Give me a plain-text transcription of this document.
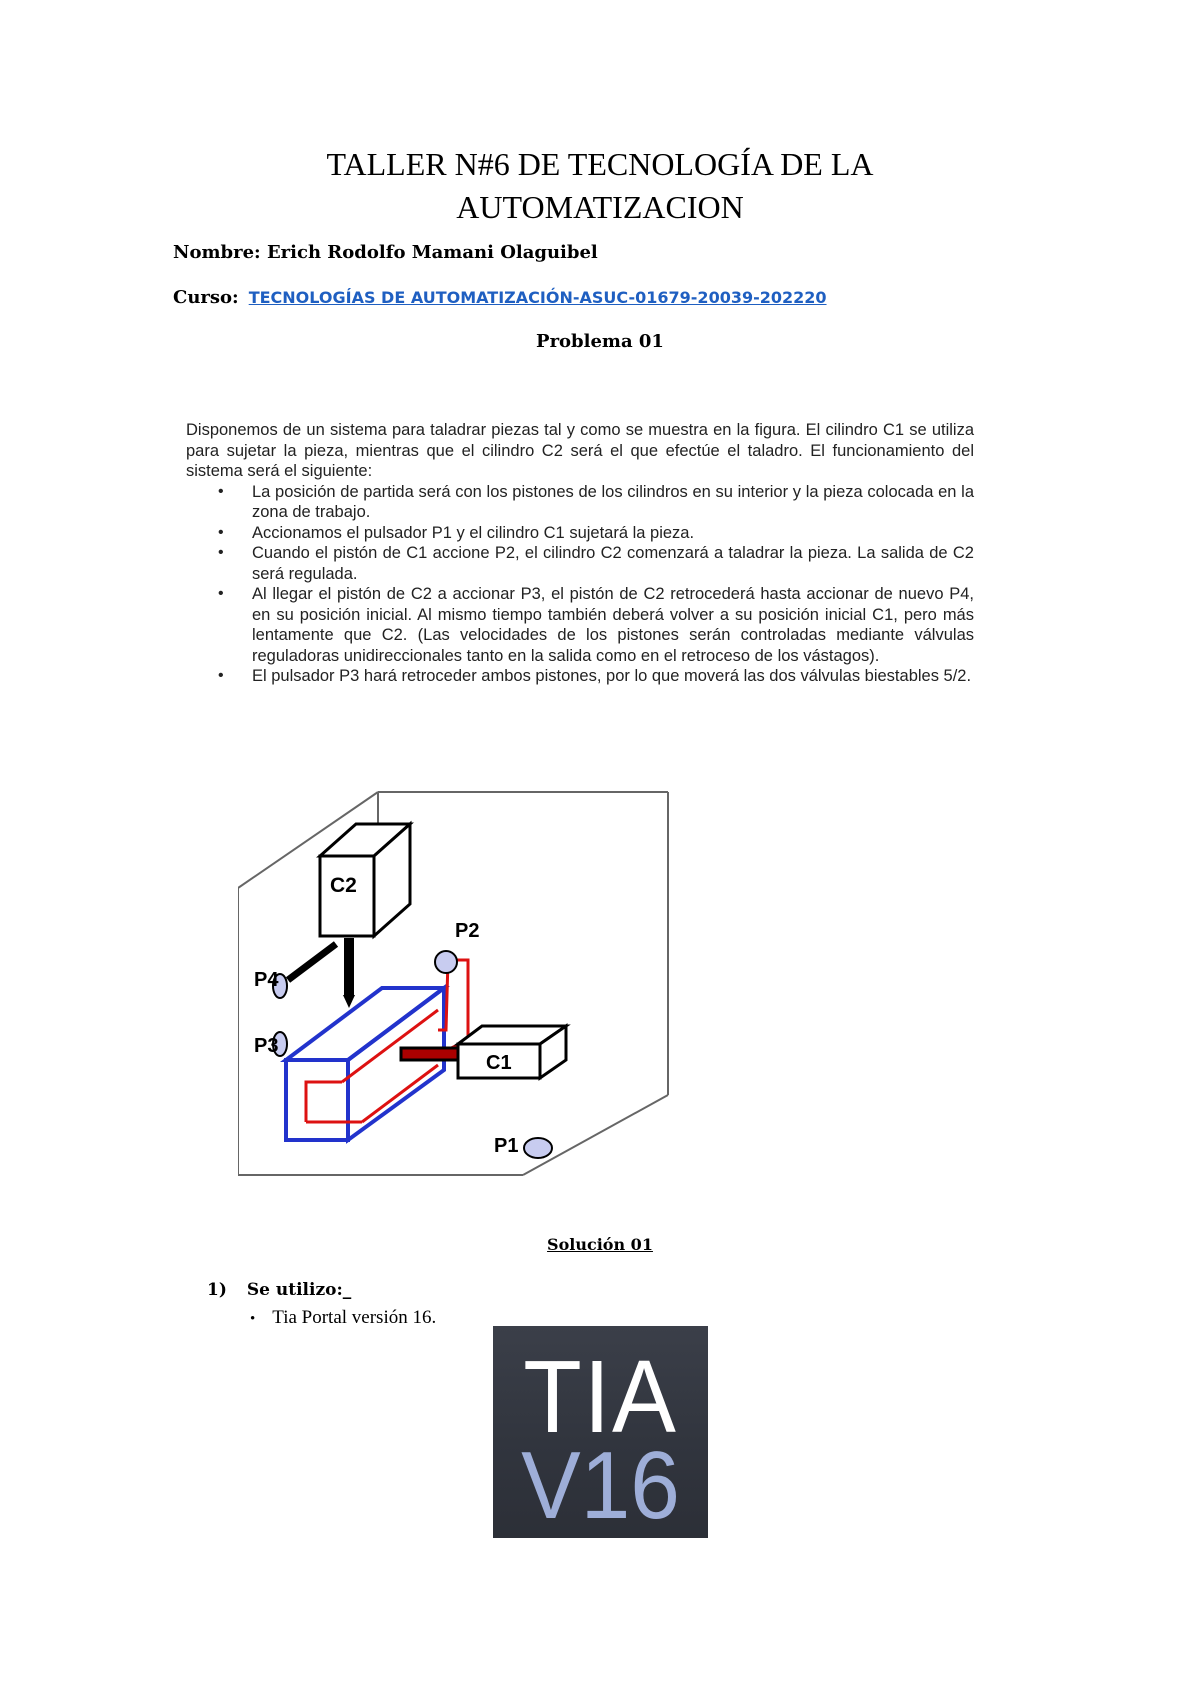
TALLER N#6 DE TECNOLOGÍA DE LA
AUTOMATIZACION

Nombre: Erich Rodolfo Mamani Olaguibel

Curso: TECNOLOGÍAS DE AUTOMATIZACIÓN-ASUC-01679-20039-202220

Problema 01

Disponemos de un sistema para taladrar piezas tal y como se muestra en la figura. El cilindro C1 se utiliza para sujetar la pieza, mientras que el cilindro C2 será el que efectúe el taladro. El funcionamiento del sistema será el siguiente:

• La posición de partida será con los pistones de los cilindros en su interior y la pieza colocada en la zona de trabajo.
• Accionamos el pulsador P1 y el cilindro C1 sujetará la pieza.
• Cuando el pistón de C1 accione P2, el cilindro C2 comenzará a taladrar la pieza. La salida de C2 será regulada.
• Al llegar el pistón de C2 a accionar P3, el pistón de C2 retrocederá hasta accionar de nuevo P4, en su posición inicial. Al mismo tiempo también deberá volver a su posición inicial C1, pero más lentamente que C2. (Las velocidades de los pistones serán controladas mediante válvulas reguladoras unidireccionales tanto en la salida como en el retroceso de los vástagos).
• El pulsador P3 hará retroceder ambos pistones, por lo que moverá las dos válvulas biestables 5/2.
C2
P4
P3
P2
C1
P1

Solución 01

1) Se utilizo:_

• Tia Portal versión 16.

TIA
V16
